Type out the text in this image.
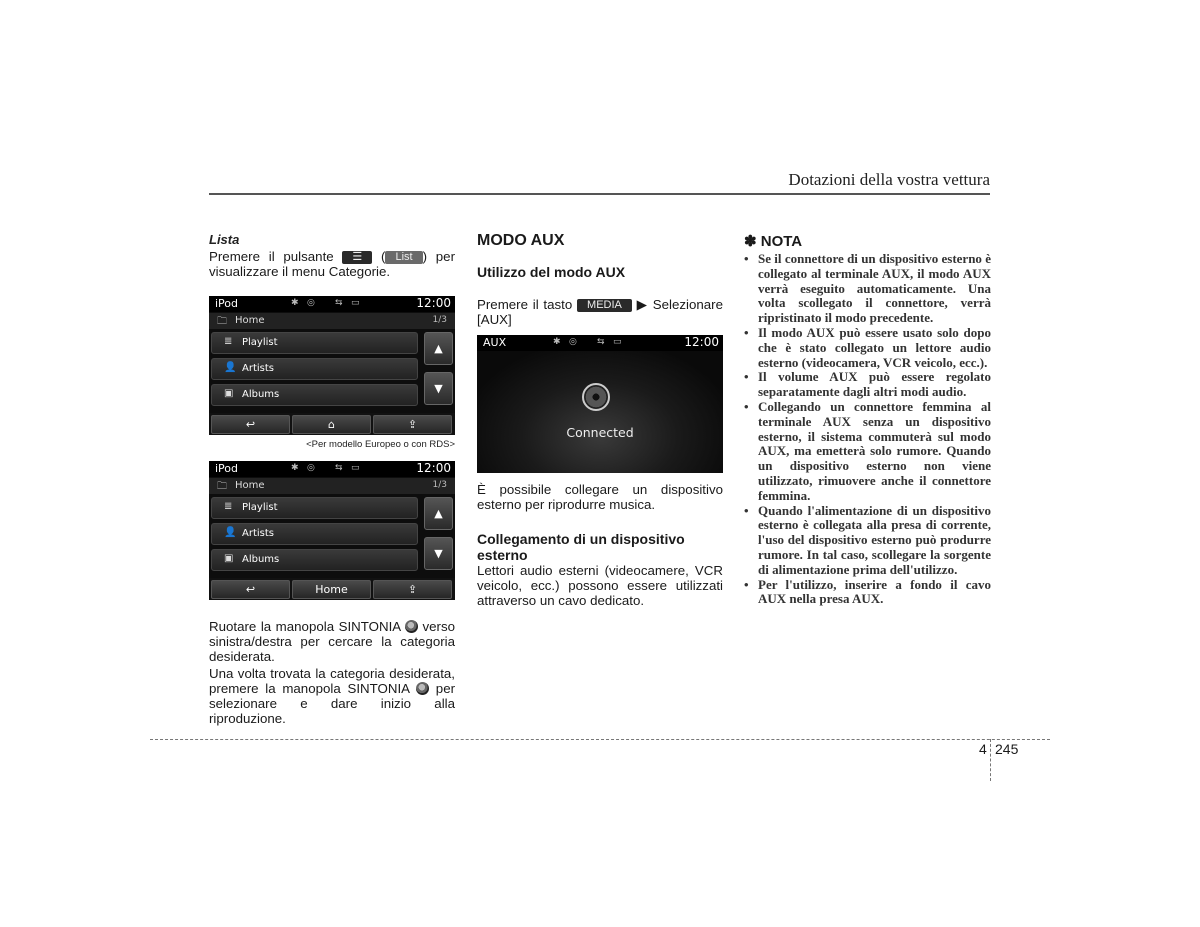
Dotazioni della vostra vettura

Lista

Premere il pulsante ☰ ( List ) per visualizzare il menu Categorie.

iPod	✱ ◎ ⇆ ▭	12:00
🗀 Home	1/3
≣ Playlist
👤 Artists
▣ Albums
▲
▼
↩	⌂	⇪

<Per modello Europeo o con RDS>

iPod	✱ ◎ ⇆ ▭	12:00
🗀 Home	1/3
≣ Playlist
👤 Artists
▣ Albums
▲
▼
↩	Home	⇪

Ruotare la manopola SINTONIA verso sinistra/destra per cercare la categoria desiderata.

Una volta trovata la categoria desiderata, premere la manopola SINTONIA per selezionare e dare inizio alla riproduzione.

MODO AUX

Utilizzo del modo AUX

Premere il tasto MEDIA ▶ Selezionare [AUX]

AUX	✱ ◎ ⇆ ▭	12:00
Connected

È possibile collegare un dispositivo esterno per riprodurre musica.

Collegamento di un dispositivo esterno

Lettori audio esterni (videocamere, VCR veicolo, ecc.) possono essere utilizzati attraverso un cavo dedicato.

✽ NOTA

• Se il connettore di un dispositivo esterno è collegato al terminale AUX, il modo AUX verrà eseguito automaticamente. Una volta scollegato il connettore, verrà ripristinato il modo precedente.
• Il modo AUX può essere usato solo dopo che è stato collegato un lettore audio esterno (videocamera, VCR veicolo, ecc.).
• Il volume AUX può essere regolato separatamente dagli altri modi audio.
• Collegando un connettore femmina al terminale AUX senza un dispositivo esterno, il sistema commuterà sul modo AUX, ma emetterà solo rumore. Quando un dispositivo esterno non viene utilizzato, rimuovere anche il connettore femmina.
• Quando l'alimentazione di un dispositivo esterno è collegata alla presa di corrente, l'uso del dispositivo esterno può produrre rumore. In tal caso, scollegare la sorgente di alimentazione prima dell'utilizzo.
• Per l'utilizzo, inserire a fondo il cavo AUX nella presa AUX.
4 245
